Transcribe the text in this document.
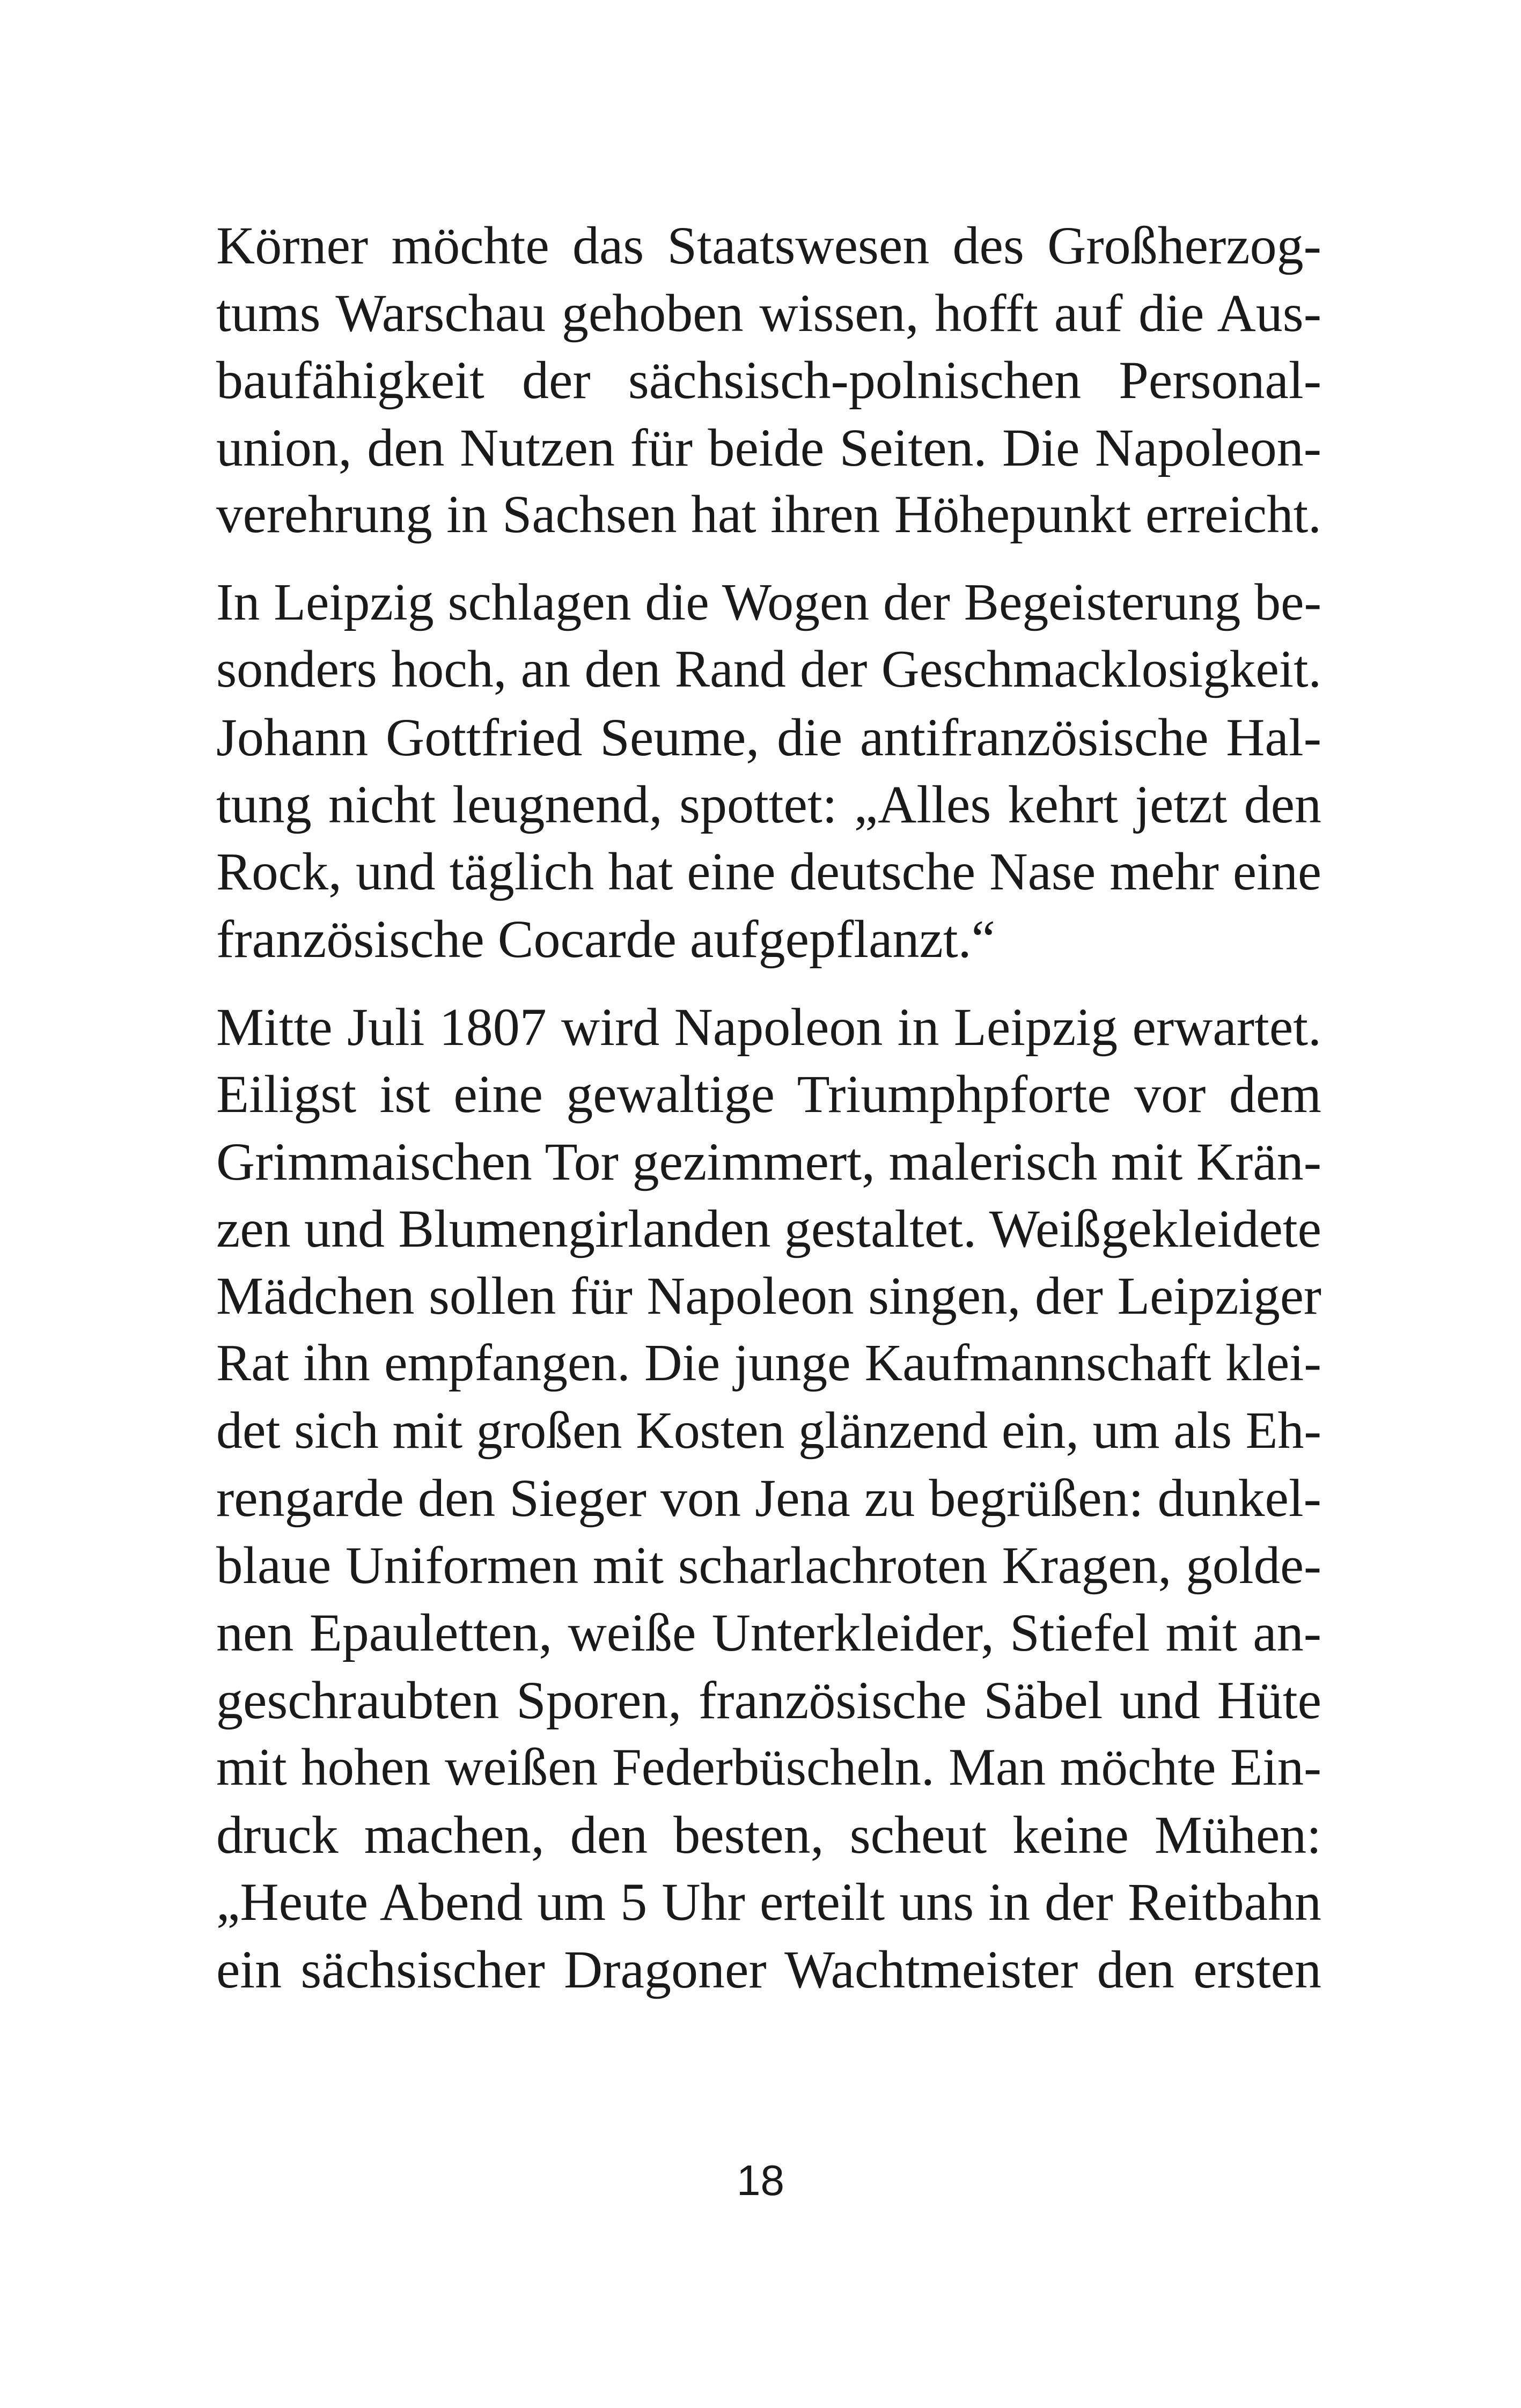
Körner möchte das Staatswesen des Großherzog-
tums Warschau gehoben wissen, hofft auf die Aus-
baufähigkeit der sächsisch-polnischen Personal-
union, den Nutzen für beide Seiten. Die Napoleon-
verehrung in Sachsen hat ihren Höhepunkt erreicht.

In Leipzig schlagen die Wogen der Begeisterung be-
sonders hoch, an den Rand der Geschmacklosigkeit.
Johann Gottfried Seume, die antifranzösische Hal-
tung nicht leugnend, spottet: „Alles kehrt jetzt den
Rock, und täglich hat eine deutsche Nase mehr eine
französische Cocarde aufgepflanzt.“

Mitte Juli 1807 wird Napoleon in Leipzig erwartet.
Eiligst ist eine gewaltige Triumphpforte vor dem
Grimmaischen Tor gezimmert, malerisch mit Krän-
zen und Blumengirlanden gestaltet. Weißgekleidete
Mädchen sollen für Napoleon singen, der Leipziger
Rat ihn empfangen. Die junge Kaufmannschaft klei-
det sich mit großen Kosten glänzend ein, um als Eh-
rengarde den Sieger von Jena zu begrüßen: dunkel-
blaue Uniformen mit scharlachroten Kragen, golde-
nen Epauletten, weiße Unterkleider, Stiefel mit an-
geschraubten Sporen, französische Säbel und Hüte
mit hohen weißen Federbüscheln. Man möchte Ein-
druck machen, den besten, scheut keine Mühen:
„Heute Abend um 5 Uhr erteilt uns in der Reitbahn
ein sächsischer Dragoner Wachtmeister den ersten

18
